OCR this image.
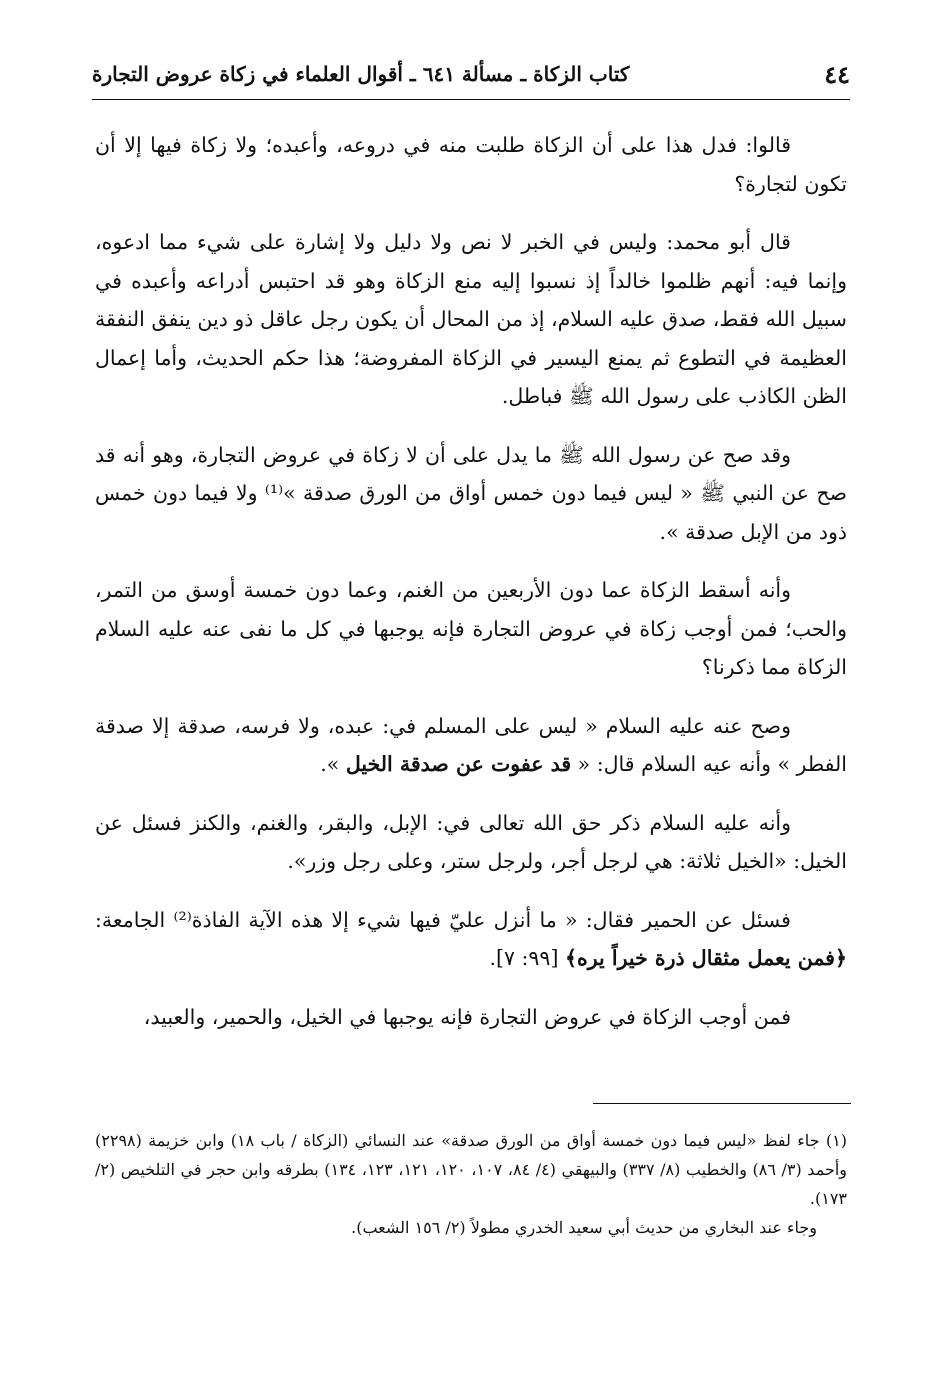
٤٤
كتاب الزكاة ـ مسألة ٦٤١ ـ أقوال العلماء في زكاة عروض التجارة

قالوا: فدل هذا على أن الزكاة طلبت منه في دروعه، وأعبده؛ ولا زكاة فيها إلا أن تكون لتجارة؟

قال أبو محمد: وليس في الخبر لا نص ولا دليل ولا إشارة على شيء مما ادعوه، وإنما فيه: أنهم ظلموا خالداً إذ نسبوا إليه منع الزكاة وهو قد احتبس أدراعه وأعبده في سبيل الله فقط، صدق عليه السلام، إذ من المحال أن يكون رجل عاقل ذو دين ينفق النفقة العظيمة في التطوع ثم يمنع اليسير في الزكاة المفروضة؛ هذا حكم الحديث، وأما إعمال الظن الكاذب على رسول الله ﷺ فباطل.

وقد صح عن رسول الله ﷺ ما يدل على أن لا زكاة في عروض التجارة، وهو أنه قد صح عن النبي ﷺ « ليس فيما دون خمس أواق من الورق صدقة »⁽¹⁾ ولا فيما دون خمس ذود من الإبل صدقة ».

وأنه أسقط الزكاة عما دون الأربعين من الغنم، وعما دون خمسة أوسق من التمر، والحب؛ فمن أوجب زكاة في عروض التجارة فإنه يوجبها في كل ما نفى عنه عليه السلام الزكاة مما ذكرنا؟

وصح عنه عليه السلام « ليس على المسلم في: عبده، ولا فرسه، صدقة إلا صدقة الفطر » وأنه عيه السلام قال: « قد عفوت عن صدقة الخيل ».

وأنه عليه السلام ذكر حق الله تعالى في: الإبل، والبقر، والغنم، والكنز فسئل عن الخيل: «الخيل ثلاثة: هي لرجل أجر، ولرجل ستر، وعلى رجل وزر».

فسئل عن الحمير فقال: « ما أنزل عليّ فيها شيء إلا هذه الآية الفاذة⁽²⁾ الجامعة: ﴿فمن يعمل مثقال ذرة خيراً يره﴾ [٩٩: ٧].

فمن أوجب الزكاة في عروض التجارة فإنه يوجبها في الخيل، والحمير، والعبيد،

(١) جاء لفظ «ليس فيما دون خمسة أواق من الورق صدقة» عند النسائي (الزكاة / باب ١٨) وابن خزيمة (٢٢٩٨) وأحمد (٣/ ٨٦) والخطيب (٨/ ٣٣٧) والبيهقي (٤/ ٨٤، ١٠٧، ١٢٠، ١٢١، ١٢٣، ١٣٤) بطرقه وابن حجر في التلخيص (٢/ ١٧٣).

وجاء عند البخاري من حديث أبي سعيد الخدري مطولاً (٢/ ١٥٦ الشعب).
